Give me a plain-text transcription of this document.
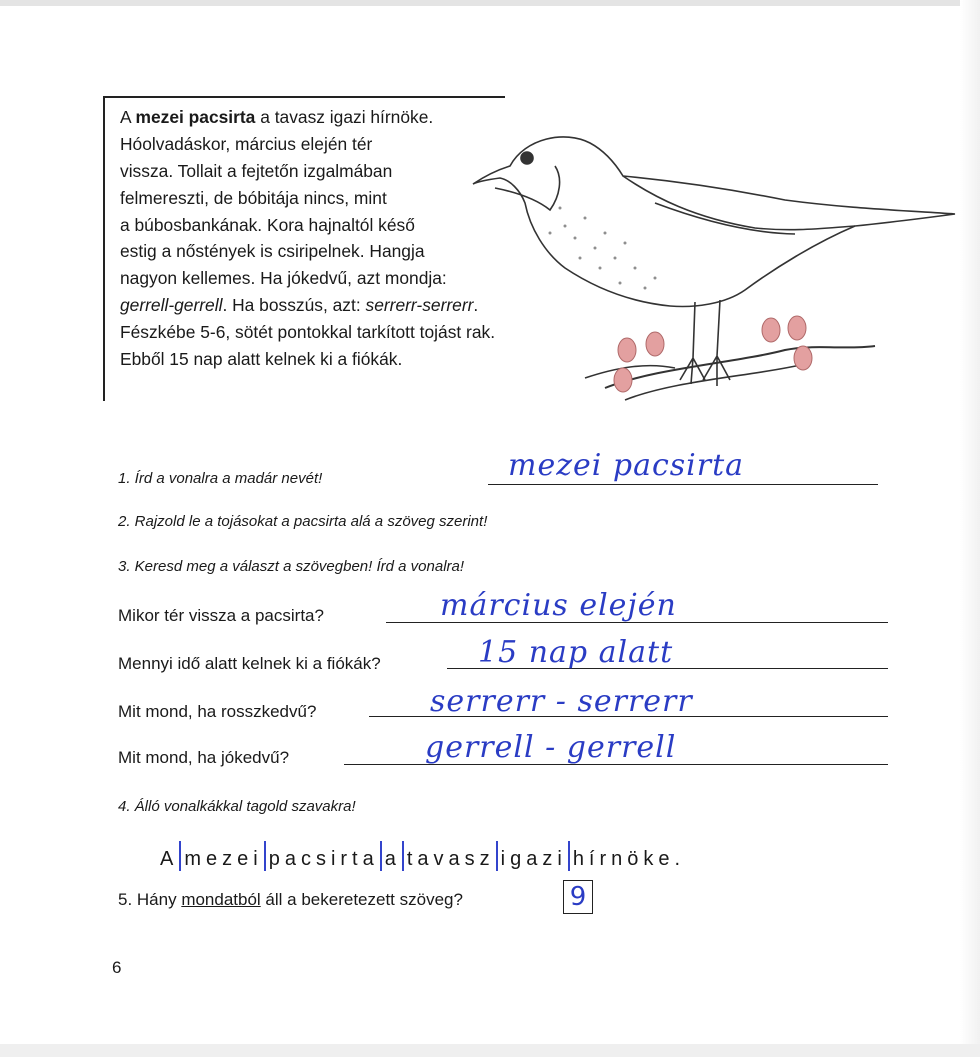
A mezei pacsirta a tavasz igazi hírnöke.
Hóolvadáskor, március elején tér
vissza. Tollait a fejtetőn izgalmában
felmereszti, de bóbitája nincs, mint
a búbosbankának. Kora hajnaltól késő
estig a nőstények is csiripelnek. Hangja
nagyon kellemes. Ha jókedvű, azt mondja:
gerrell-gerrell. Ha bosszús, azt: serrerr-serrerr.
Fészkébe 5-6, sötét pontokkal tarkított tojást rak.
Ebből 15 nap alatt kelnek ki a fiókák.
1. Írd a vonalra a madár nevét!	mezei pacsirta
2. Rajzold le a tojásokat a pacsirta alá a szöveg szerint!
3. Keresd meg a választ a szövegben! Írd a vonalra!
Mikor tér vissza a pacsirta?	március elején
Mennyi idő alatt kelnek ki a fiókák?	15 nap alatt
Mit mond, ha rosszkedvű?	serrerr - serrerr
Mit mond, ha jókedvű?	gerrell - gerrell
4. Álló vonalkákkal tagold szavakra!
A mezei pacsirta a tavasz igazi hírnöke.
5. Hány mondatból áll a bekeretezett szöveg?	9
6
